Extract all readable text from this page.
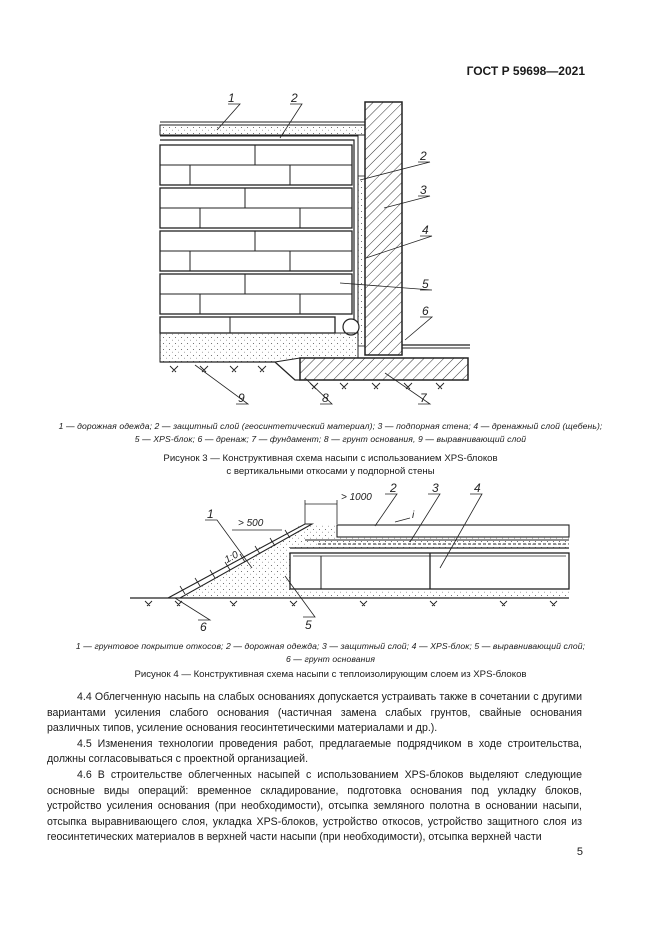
ГОСТ Р 59698—2021
1	2
2
3
4
5
6
7
8
9
1 — дорожная одежда; 2 — защитный слой (геосинтетический материал); 3 — подпорная стена; 4 — дренажный слой (щебень);
5 — XPS-блок; 6 — дренаж; 7 — фундамент; 8 — грунт основания, 9 — выравнивающий слой
Рисунок 3 — Конструктивная схема насыпи с использованием XPS-блоков
с вертикальными откосами у подпорной стены
> 500
> 1000
1:0
i
1
2	3	4
5
6
1 — грунтовое покрытие откосов; 2 — дорожная одежда; 3 — защитный слой; 4 — XPS-блок; 5 — выравнивающий слой;
6 — грунт основания
Рисунок 4 — Конструктивная схема насыпи с теплоизолирующим слоем из XPS-блоков

4.4 Облегченную насыпь на слабых основаниях допускается устраивать также в сочетании с другими вариантами усиления слабого основания (частичная замена слабых грунтов, свайные основания различных типов, усиление основания геосинтетическими материалами и др.).

4.5 Изменения технологии проведения работ, предлагаемые подрядчиком в ходе строительства, должны согласовываться с проектной организацией.

4.6 В строительстве облегченных насыпей с использованием XPS-блоков выделяют следующие основные виды операций: временное складирование, подготовка основания под укладку блоков, устройство усиления основания (при необходимости), отсыпка земляного полотна в основании насыпи, отсыпка выравнивающего слоя, укладка XPS-блоков, устройство откосов, устройство защитного слоя из геосинтетических материалов в верхней части насыпи (при необходимости), отсыпка верхней части

5
